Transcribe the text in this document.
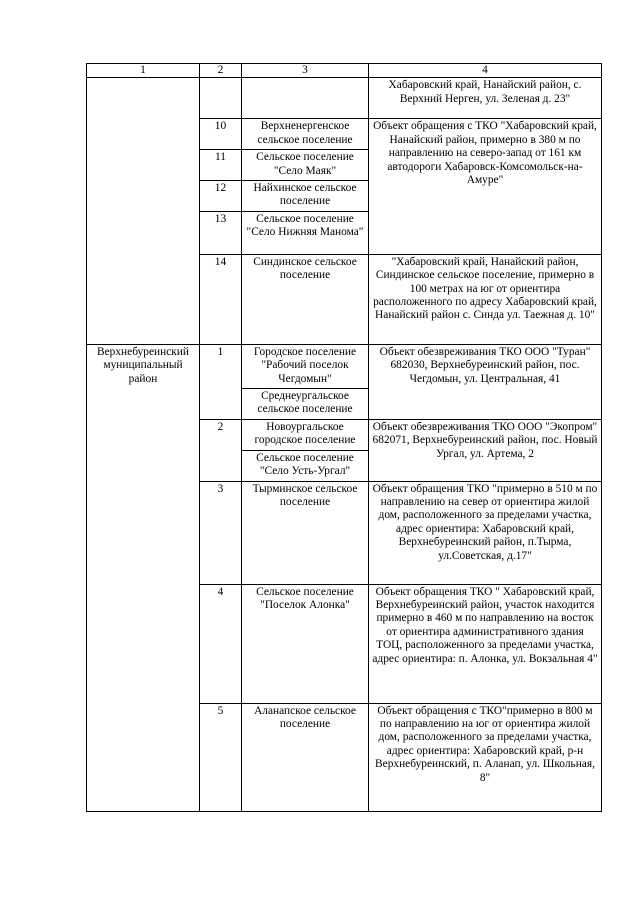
1	2	3	4
			Хабаровский край, Нанайский район, с. Верхний Нерген, ул. Зеленая д. 23"
	10	Верхненергенское сельское поселение	Объект обращения с ТКО "Хабаровский край, Нанайский район, примерно в 380 м по направлению на северо-запад от 161 км автодороги Хабаровск-Комсомольск-на-Амуре"
	11	Сельское поселение "Село Маяк"	
	12	Найхинское сельское поселение	
	13	Сельское поселение "Село Нижняя Манома"	
	14	Синдинское сельское поселение	"Хабаровский край, Нанайский район, Синдинское сельское поселение, примерно в 100 метрах на юг от ориентира расположенного по адресу Хабаровский край, Нанайский район с. Синда ул. Таежная д. 10"
Верхнебуреинский муниципальный район	1	Городское поселение "Рабочий поселок Чегдомын"	Объект обезвреживания ТКО ООО "Туран" 682030, Верхнебуреинский район, пос. Чегдомын, ул. Центральная, 41
		Среднеургальское сельское поселение	
	2	Новоургальское городское поселение	Объект обезвреживания ТКО ООО "Экопром" 682071, Верхнебуреинский район, пос. Новый Ургал, ул. Артема, 2
		Сельское поселение "Село Усть-Ургал"	
	3	Тырминское сельское поселение	Объект обращения ТКО "примерно в 510 м по направлению на север от ориентира жилой дом, расположенного за пределами участка, адрес ориентира: Хабаровский край, Верхнебуреинский район, п.Тырма, ул.Советская, д.17"
	4	Сельское поселение "Поселок Алонка"	Объект обращения ТКО " Хабаровский край, Верхнебуреинский район, участок находится примерно в 460 м по направлению на восток от ориентира административного здания ТОЦ, расположенного за пределами участка, адрес ориентира: п. Алонка, ул. Вокзальная 4"
	5	Аланапское сельское поселение	Объект обращения с ТКО"примерно в 800 м по направлению на юг от ориентира жилой дом, расположенного за пределами участка, адрес ориентира: Хабаровский край, р-н Верхнебуреинский, п. Аланап, ул. Школьная, 8"
